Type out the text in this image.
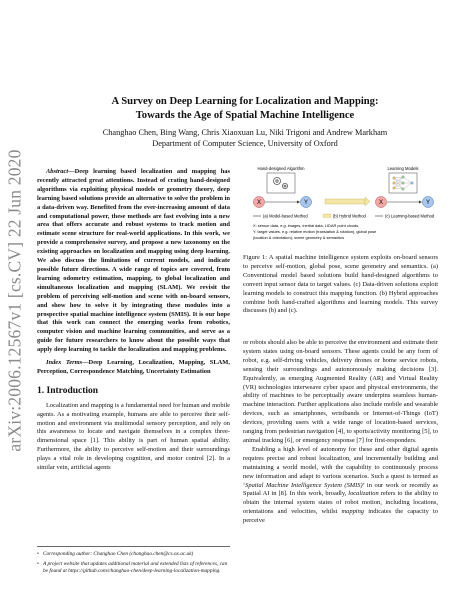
arXiv:2006.12567v1 [cs.CV] 22 Jun 2020
A Survey on Deep Learning for Localization and Mapping:
Towards the Age of Spatial Machine Intelligence
Changhao Chen, Bing Wang, Chris Xiaoxuan Lu, Niki Trigoni and Andrew Markham
Department of Computer Science, University of Oxford

Abstract—Deep learning based localization and mapping has recently attracted great attentions. Instead of crating hand-designed algorithms via exploiting physical models or geometry theory, deep learning based solutions provide an alternative to solve the problem in a data-driven way. Benefited from the ever-increasing amount of data and computational power, these methods are fast evolving into a new area that offers accurate and robust systems to track motion and estimate scene structure for real-world applications. In this work, we provide a comprehensive survey, and propose a new taxonomy on the existing approaches on localization and mapping using deep learning. We also discuss the limitations of current models, and indicate possible future directions. A wide range of topics are covered, from learning odometry estimation, mapping, to global localization and simultaneous localization and mapping (SLAM). We revisit the problem of perceiving self-motion and scene with on-board sensors, and show how to solve it by integrating these modules into a prospective spatial machine intelligence system (SMIS). It is our hope that this work can connect the emerging works from robotics, computer vision and machine learning communities, and serve as a guide for future researchers to know about the possible ways that apply deep learning to tackle the localization and mapping problems.

Index Terms—Deep Learning, Localization, Mapping, SLAM, Perception, Correspondence Matching, Uncertainty Estimation

1. Introduction

Localization and mapping is a fundamental need for human and mobile agents. As a motivating example, humans are able to perceive their self-motion and environment via multimodal sensory perception, and rely on this awareness to locate and navigate themselves in a complex three-dimensional space [1]. This ability is part of human spatial ability. Furthermore, the ability to perceive self-motion and their surroundings plays a vital role in developing cognition, and motor control [2]. In a similar vein, artificial agents

• Corresponding author: Changhao Chen (changhao.chen@cs.ox.ac.uk)

• A project website that updates additional material and extended lists of references, can be found at https://github.com/changhao-chen/deep-learning-localization-mapping.

Hand-designed Algorithm
X	Y
Learning Models
X	Y
(a) Model-based Method	(b) Hybrid Method	(c) Learning-based Method
X: sensor data, e.g. images, inertial data, LIDAR point clouds,
Y: target values, e.g. relative motion (translation & rotation), global pose
(location & orientation), scene geometry & semantics

Figure 1: A spatial machine intelligence system exploits on-board sensors to perceive self-motion, global pose, scene geometry and semantics. (a) Conventional model based solutions build hand-designed algorithms to convert input sensor data to target values. (c) Data-driven solutions exploit learning models to construct this mapping function. (b) Hybrid approaches combine both hand-crafted algorithms and learning models. This survey discusses (b) and (c).

or robots should also be able to perceive the environment and estimate their system states using on-board sensors. These agents could be any form of robot, e.g. self-driving vehicles, delivery drones or home service robots, sensing their surroundings and autonomously making decisions [3]. Equivalently, as emerging Augmented Reality (AR) and Virtual Reality (VR) technologies interweave cyber space and physical environments, the ability of machines to be perceptually aware underpins seamless human-machine interaction. Further applications also include mobile and wearable devices, such as smartphones, wristbands or Internet-of-Things (IoT) devices, providing users with a wide range of location-based services, ranging from pedestrian navigation [4], to sports/activity monitoring [5], to animal tracking [6], or emergency response [7] for first-responders.

Enabling a high level of autonomy for these and other digital agents requires precise and robust localization, and incrementally building and maintaining a world model, with the capability to continuously process new information and adapt to various scenarios. Such a quest is termed as ‘Spatial Machine Intelligence System (SMIS)’ in our work or recently as Spatial AI in [8]. In this work, broadly, localization refers to the ability to obtain the internal system states of robot motion, including locations, orientations and velocities, whilst mapping indicates the capacity to perceive
